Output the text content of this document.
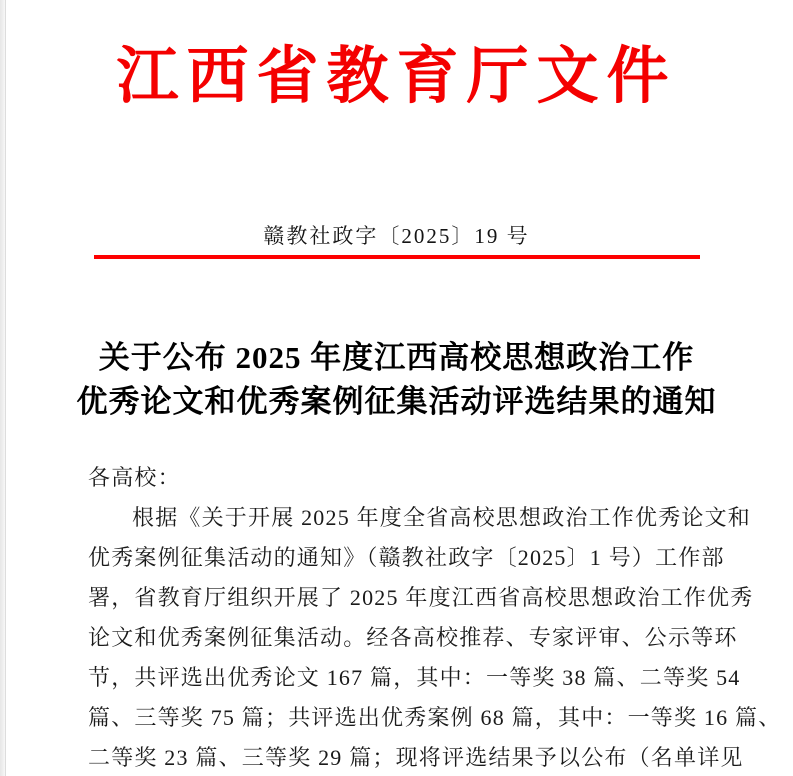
江西省教育厅文件
赣教社政字〔2025〕19 号
关于公布 2025 年度江西高校思想政治工作
优秀论文和优秀案例征集活动评选结果的通知
各高校：
根据《关于开展 2025 年度全省高校思想政治工作优秀论文和
优秀案例征集活动的通知》（赣教社政字〔2025〕1 号）工作部
署，省教育厅组织开展了 2025 年度江西省高校思想政治工作优秀
论文和优秀案例征集活动。经各高校推荐、专家评审、公示等环
节，共评选出优秀论文 167 篇，其中：一等奖 38 篇、二等奖 54
篇、三等奖 75 篇；共评选出优秀案例 68 篇，其中：一等奖 16 篇、
二等奖 23 篇、三等奖 29 篇；现将评选结果予以公布（名单详见
